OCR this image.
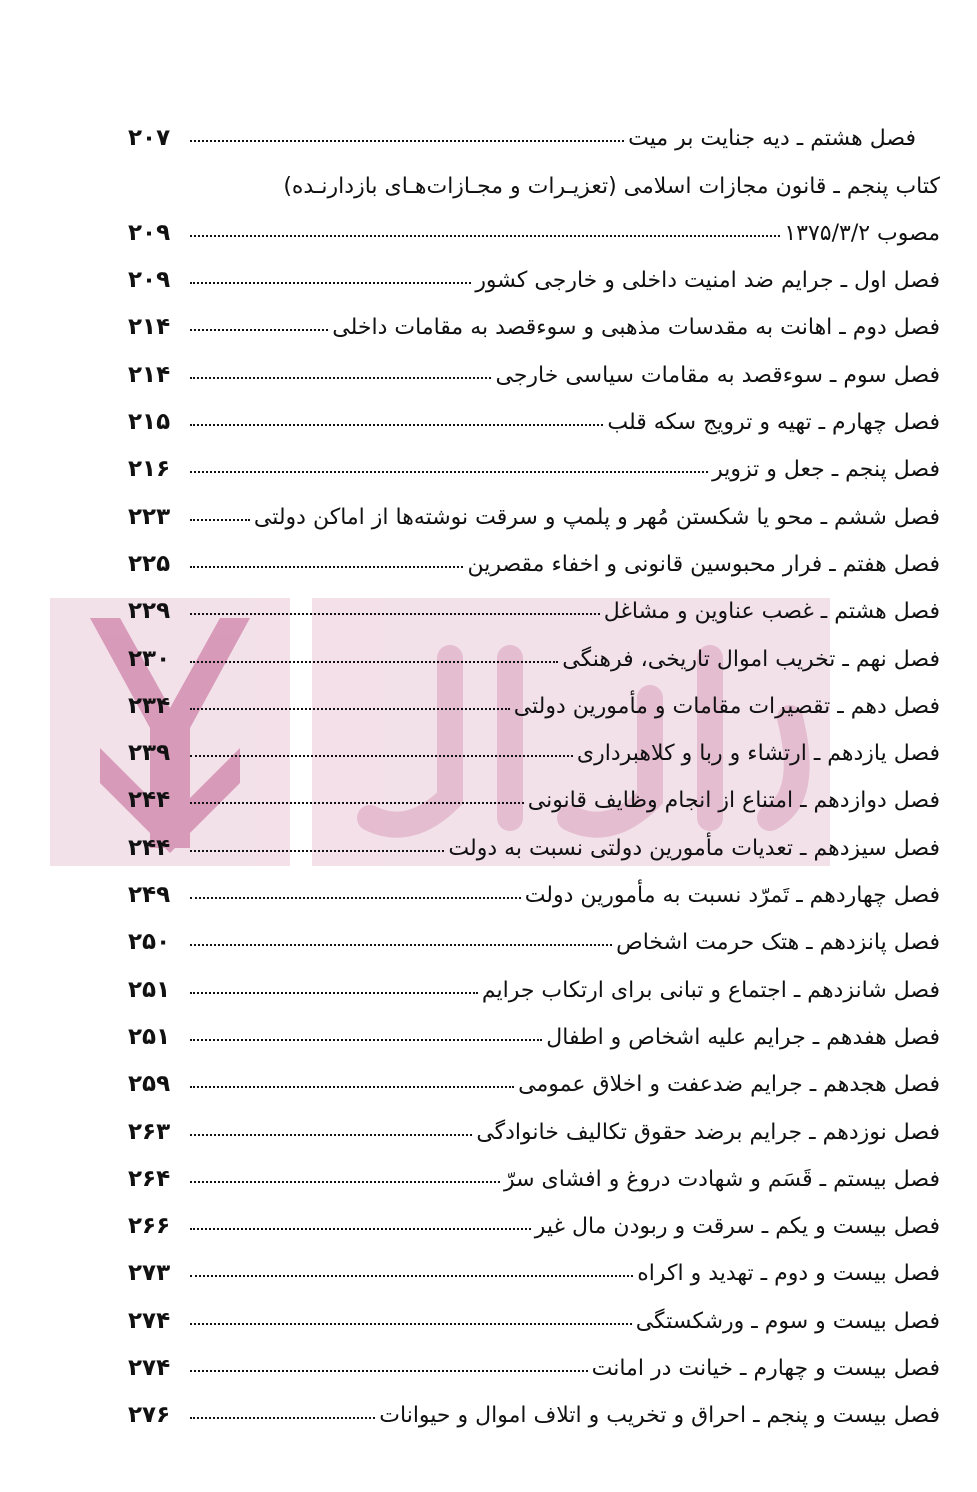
فصل هشتم ـ دیه جنایت بر میت
۲۰۷
کتاب پنجم ـ قانون مجازات اسلامی (تعزیـرات و مجـازات‌هـای بازدارنـده)
مصوب ۱۳۷۵/۳/۲
۲۰۹
فصل اول ـ جرایم ضد امنیت داخلی و خارجی کشور
۲۰۹
فصل دوم ـ اهانت به مقدسات مذهبی و سوءقصد به مقامات داخلی
۲۱۴
فصل سوم ـ سوءقصد به مقامات سیاسی خارجی
۲۱۴
فصل چهارم ـ تهیه و ترویج سکه قلب
۲۱۵
فصل پنجم ـ جعل و تزویر
۲۱۶
فصل ششم ـ محو یا شکستن مُهر و پلمپ و سرقت نوشته‌ها از اماکن دولتی
۲۲۳
فصل هفتم ـ فرار محبوسین قانونی و اخفاء مقصرین
۲۲۵
فصل هشتم ـ غصب عناوین و مشاغل
۲۲۹
فصل نهم ـ تخریب اموال تاریخی، فرهنگی
۲۳۰
فصل دهم ـ تقصیرات مقامات و مأمورین دولتی
۲۳۴
فصل یازدهم ـ ارتشاء و ربا و کلاهبرداری
۲۳۹
فصل دوازدهم ـ امتناع از انجام وظایف قانونی
۲۴۴
فصل سیزدهم ـ تعدیات مأمورین دولتی نسبت به دولت
۲۴۴
فصل چهاردهم ـ تَمرّد نسبت به مأمورین دولت
۲۴۹
فصل پانزدهم ـ هتک حرمت اشخاص
۲۵۰
فصل شانزدهم ـ اجتماع و تبانی برای ارتکاب جرایم
۲۵۱
فصل هفدهم ـ جرایم علیه اشخاص و اطفال
۲۵۱
فصل هجدهم ـ جرایم ضدعفت و اخلاق عمومی
۲۵۹
فصل نوزدهم ـ جرایم برضد حقوق تکالیف خانوادگی
۲۶۳
فصل بیستم ـ قَسَم و شهادت دروغ و افشای سرّ
۲۶۴
فصل بیست و یکم ـ سرقت و ربودن مال غیر
۲۶۶
فصل بیست و دوم ـ تهدید و اکراه
۲۷۳
فصل بیست و سوم ـ ورشکستگی
۲۷۴
فصل بیست و چهارم ـ خیانت در امانت
۲۷۴
فصل بیست و پنجم ـ احراق و تخریب و اتلاف اموال و حیوانات
۲۷۶
